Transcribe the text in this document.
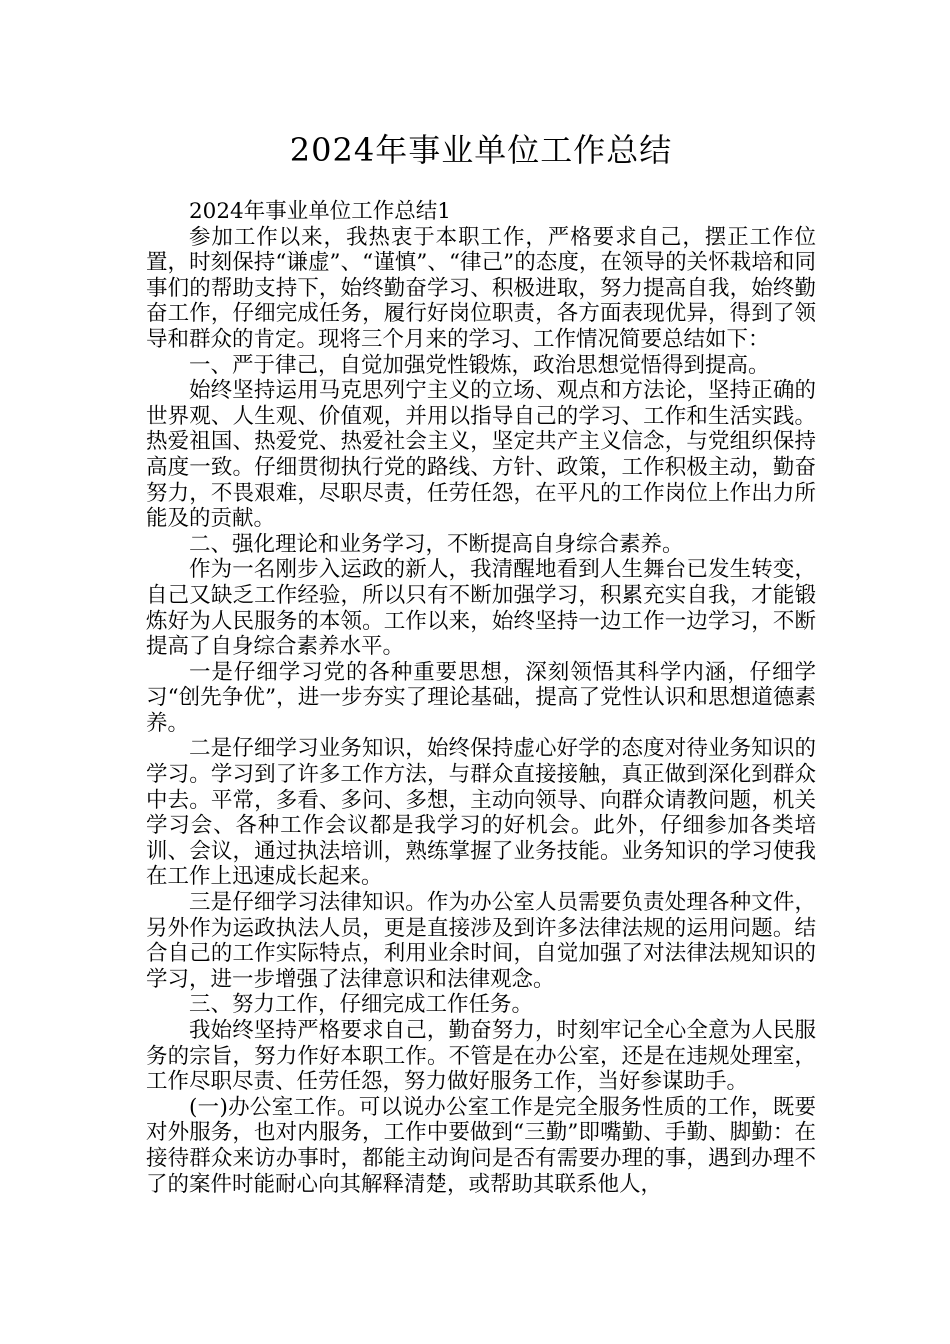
2024年事业单位工作总结

2024年事业单位工作总结1

参加工作以来，我热衷于本职工作，严格要求自己，摆正工作位置，时刻保持“谦虚”、“谨慎”、“律己”的态度，在领导的关怀栽培和同事们的帮助支持下，始终勤奋学习、积极进取，努力提高自我，始终勤奋工作，仔细完成任务，履行好岗位职责，各方面表现优异，得到了领导和群众的肯定。现将三个月来的学习、工作情况简要总结如下：

一、严于律己，自觉加强党性锻炼，政治思想觉悟得到提高。

始终坚持运用马克思列宁主义的立场、观点和方法论，坚持正确的世界观、人生观、价值观，并用以指导自己的学习、工作和生活实践。热爱祖国、热爱党、热爱社会主义，坚定共产主义信念，与党组织保持高度一致。仔细贯彻执行党的路线、方针、政策，工作积极主动，勤奋努力，不畏艰难，尽职尽责，任劳任怨，在平凡的工作岗位上作出力所能及的贡献。

二、强化理论和业务学习，不断提高自身综合素养。

作为一名刚步入运政的新人，我清醒地看到人生舞台已发生转变，自己又缺乏工作经验，所以只有不断加强学习，积累充实自我，才能锻炼好为人民服务的本领。工作以来，始终坚持一边工作一边学习，不断提高了自身综合素养水平。

一是仔细学习党的各种重要思想，深刻领悟其科学内涵，仔细学习“创先争优”，进一步夯实了理论基础，提高了党性认识和思想道德素养。

二是仔细学习业务知识，始终保持虚心好学的态度对待业务知识的学习。学习到了许多工作方法，与群众直接接触，真正做到深化到群众中去。平常，多看、多问、多想，主动向领导、向群众请教问题，机关学习会、各种工作会议都是我学习的好机会。此外，仔细参加各类培训、会议，通过执法培训，熟练掌握了业务技能。业务知识的学习使我在工作上迅速成长起来。

三是仔细学习法律知识。作为办公室人员需要负责处理各种文件，另外作为运政执法人员，更是直接涉及到许多法律法规的运用问题。结合自己的工作实际特点，利用业余时间，自觉加强了对法律法规知识的学习，进一步增强了法律意识和法律观念。

三、努力工作，仔细完成工作任务。

我始终坚持严格要求自己，勤奋努力，时刻牢记全心全意为人民服务的宗旨，努力作好本职工作。不管是在办公室，还是在违规处理室，工作尽职尽责、任劳任怨，努力做好服务工作，当好参谋助手。

(一)办公室工作。可以说办公室工作是完全服务性质的工作，既要对外服务，也对内服务，工作中要做到“三勤”即嘴勤、手勤、脚勤：在接待群众来访办事时，都能主动询问是否有需要办理的事，遇到办理不了的案件时能耐心向其解释清楚，或帮助其联系他人，
